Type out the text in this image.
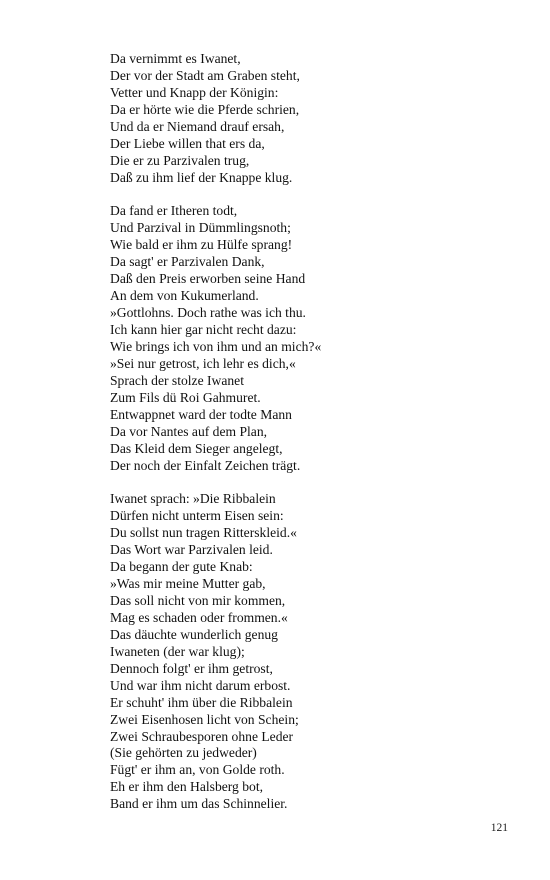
Da vernimmt es Iwanet,
Der vor der Stadt am Graben steht,
Vetter und Knapp der Königin:
Da er hörte wie die Pferde schrien,
Und da er Niemand drauf ersah,
Der Liebe willen that ers da,
Die er zu Parzivalen trug,
Daß zu ihm lief der Knappe klug.
Da fand er Itheren todt,
Und Parzival in Dümmlingsnoth;
Wie bald er ihm zu Hülfe sprang!
Da sagt' er Parzivalen Dank,
Daß den Preis erworben seine Hand
An dem von Kukumerland.
»Gottlohns. Doch rathe was ich thu.
Ich kann hier gar nicht recht dazu:
Wie brings ich von ihm und an mich?«
»Sei nur getrost, ich lehr es dich,«
Sprach der stolze Iwanet
Zum Fils dü Roi Gahmuret.
Entwappnet ward der todte Mann
Da vor Nantes auf dem Plan,
Das Kleid dem Sieger angelegt,
Der noch der Einfalt Zeichen trägt.
Iwanet sprach: »Die Ribbalein
Dürfen nicht unterm Eisen sein:
Du sollst nun tragen Ritterskleid.«
Das Wort war Parzivalen leid.
Da begann der gute Knab:
»Was mir meine Mutter gab,
Das soll nicht von mir kommen,
Mag es schaden oder frommen.«
Das däuchte wunderlich genug
Iwaneten (der war klug);
Dennoch folgt' er ihm getrost,
Und war ihm nicht darum erbost.
Er schuht' ihm über die Ribbalein
Zwei Eisenhosen licht von Schein;
Zwei Schraubesporen ohne Leder
(Sie gehörten zu jedweder)
Fügt' er ihm an, von Golde roth.
Eh er ihm den Halsberg bot,
Band er ihm um das Schinnelier.
121
